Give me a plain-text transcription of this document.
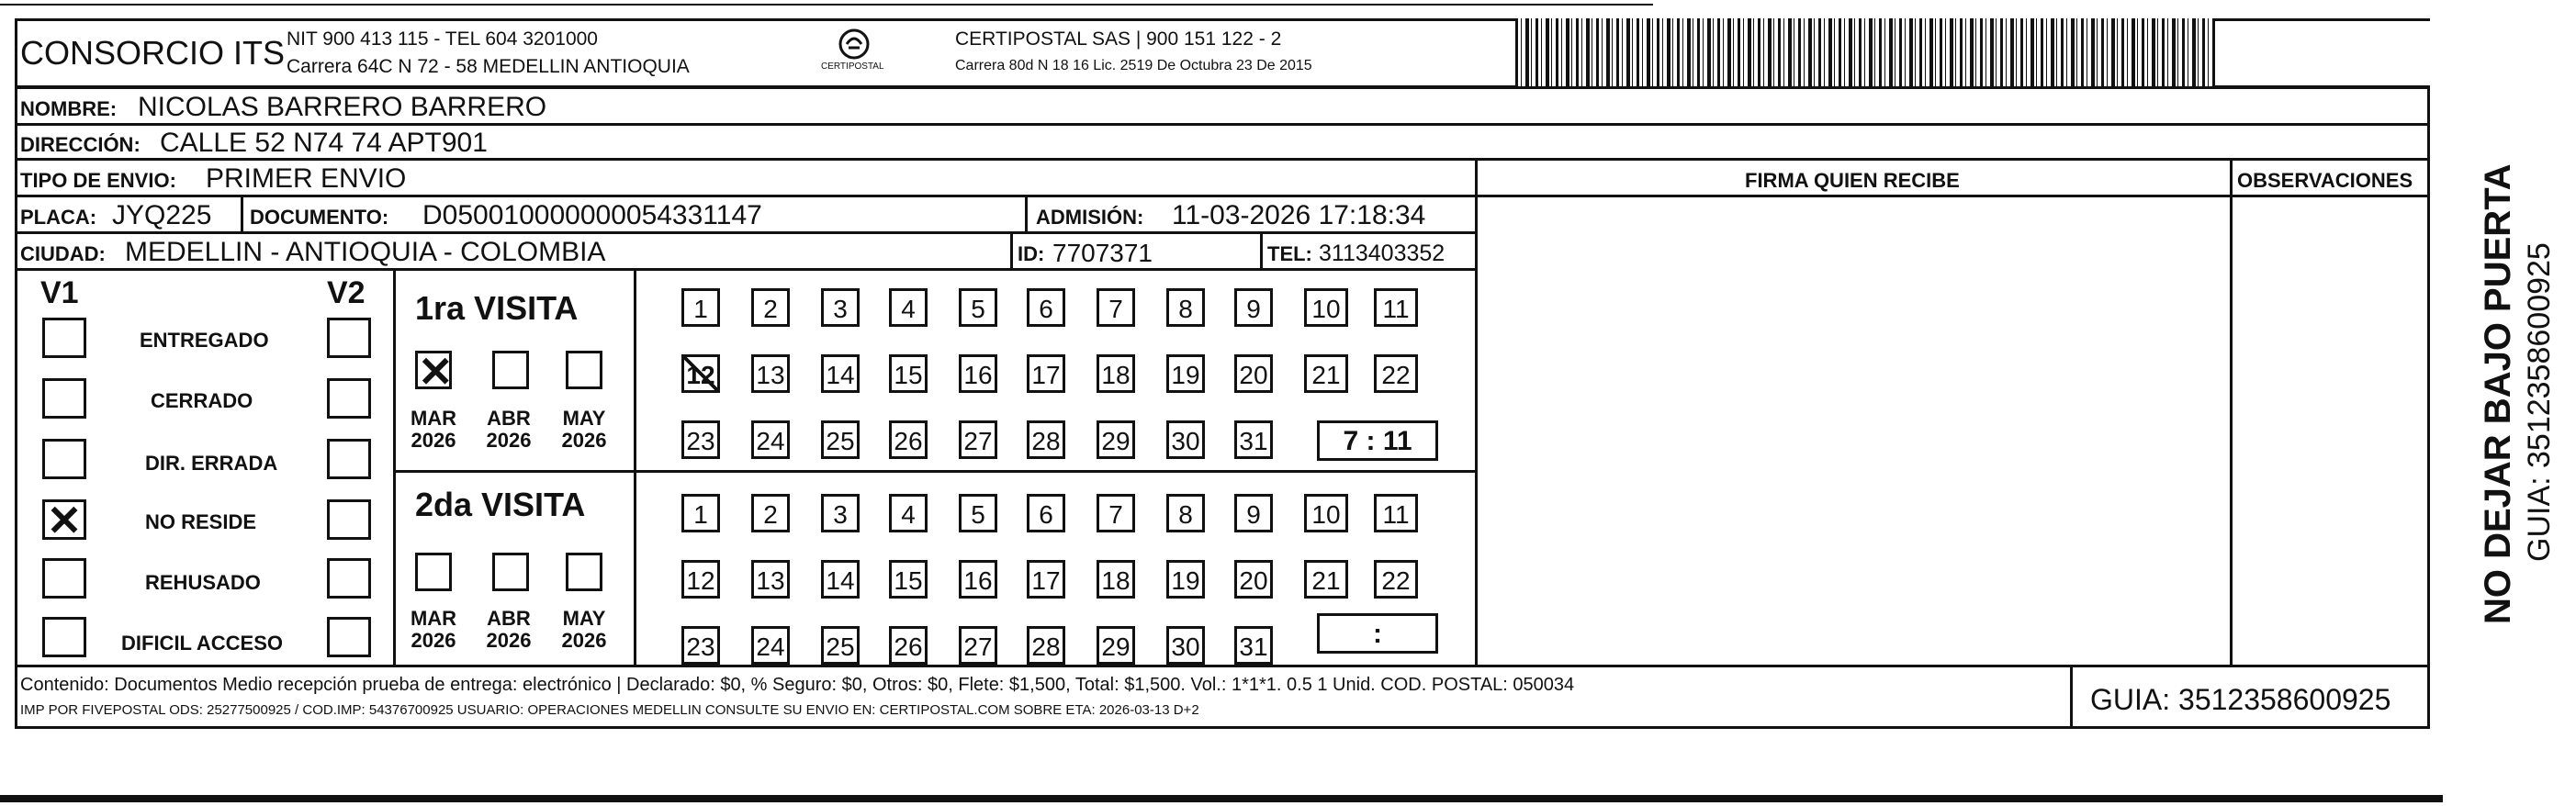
CONSORCIO ITS NIT 900 413 115 - TEL 604 3201000
Carrera 64C N 72 - 58 MEDELLIN ANTIOQUIA	CERTIPOSTAL
CERTIPOSTAL SAS | 900 151 122 - 2
Carrera 80d N 18 16 Lic. 2519 De Octubra 23 De 2015
NOMBRE: NICOLAS BARRERO BARRERO
DIRECCIÓN: CALLE 52 N74 74 APT901
TIPO DE ENVIO: PRIMER ENVIO
PLACA: JYQ225 DOCUMENTO: D050010000000054331147	ADMISIÓN: 11-03-2026 17:18:34
CIUDAD: MEDELLIN - ANTIOQUIA - COLOMBIA	ID: 7707371	TEL: 3113403352
FIRMA QUIEN RECIBE	OBSERVACIONES
V1	V2
ENTREGADO
CERRADO
DIR. ERRADA
✕	NO RESIDE
REHUSADO
DIFICIL ACCESO
1ra VISITA
✕
MAR 2026
ABR 2026
MAY 2026
1	2	3	4	5	6	7	8	9	10	11
12 13 14 15 16 17 18 19 20	21	22
23 24 25 26 27 28 29 30 31	7 : 11
2da VISITA
MAR 2026
ABR 2026
MAY 2026
1	2	3	4	5	6	7	8	9	10	11
12 13 14 15 16 17 18 19 20	21	22
23 24 25 26 27 28 29 30 31	:
Contenido: Documentos Medio recepción prueba de entrega: electrónico | Declarado: $0, % Seguro: $0, Otros: $0, Flete: $1,500, Total: $1,500. Vol.: 1*1*1. 0.5 1 Unid. COD. POSTAL: 050034
IMP POR FIVEPOSTAL ODS: 25277500925 / COD.IMP: 54376700925 USUARIO: OPERACIONES MEDELLIN CONSULTE SU ENVIO EN: CERTIPOSTAL.COM SOBRE ETA: 2026-03-13 D+2	GUIA: 3512358600925
NO DEJAR BAJO PUERTA GUIA: 3512358600925
